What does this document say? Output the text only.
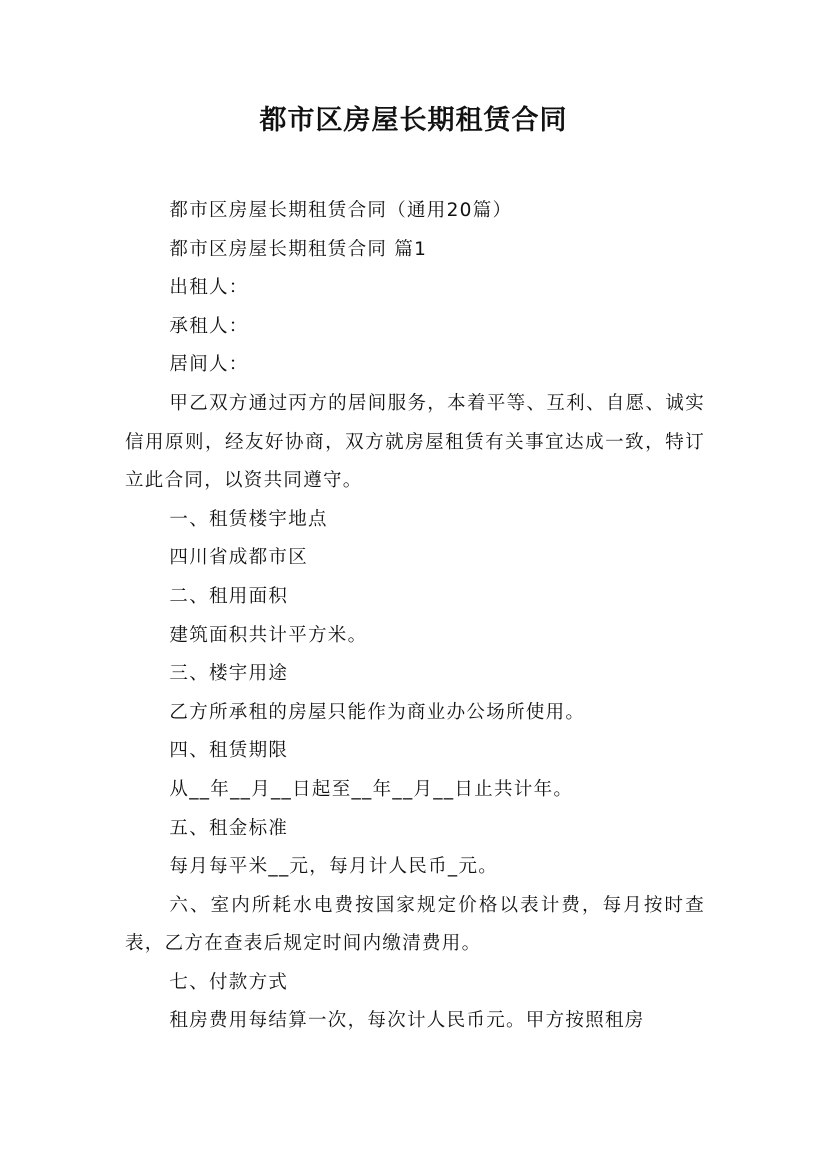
都市区房屋长期租赁合同

都市区房屋长期租赁合同（通用20篇）

都市区房屋长期租赁合同 篇1

出租人：

承租人：

居间人：

甲乙双方通过丙方的居间服务，本着平等、互利、自愿、诚实信用原则，经友好协商，双方就房屋租赁有关事宜达成一致，特订立此合同，以资共同遵守。

一、租赁楼宇地点

四川省成都市区

二、租用面积

建筑面积共计平方米。

三、楼宇用途

乙方所承租的房屋只能作为商业办公场所使用。

四、租赁期限

从__年__月__日起至__年__月__日止共计年。

五、租金标准

每月每平米__元，每月计人民币_元。

六、室内所耗水电费按国家规定价格以表计费，每月按时查表，乙方在查表后规定时间内缴清费用。

七、付款方式

租房费用每结算一次，每次计人民币元。甲方按照租房
